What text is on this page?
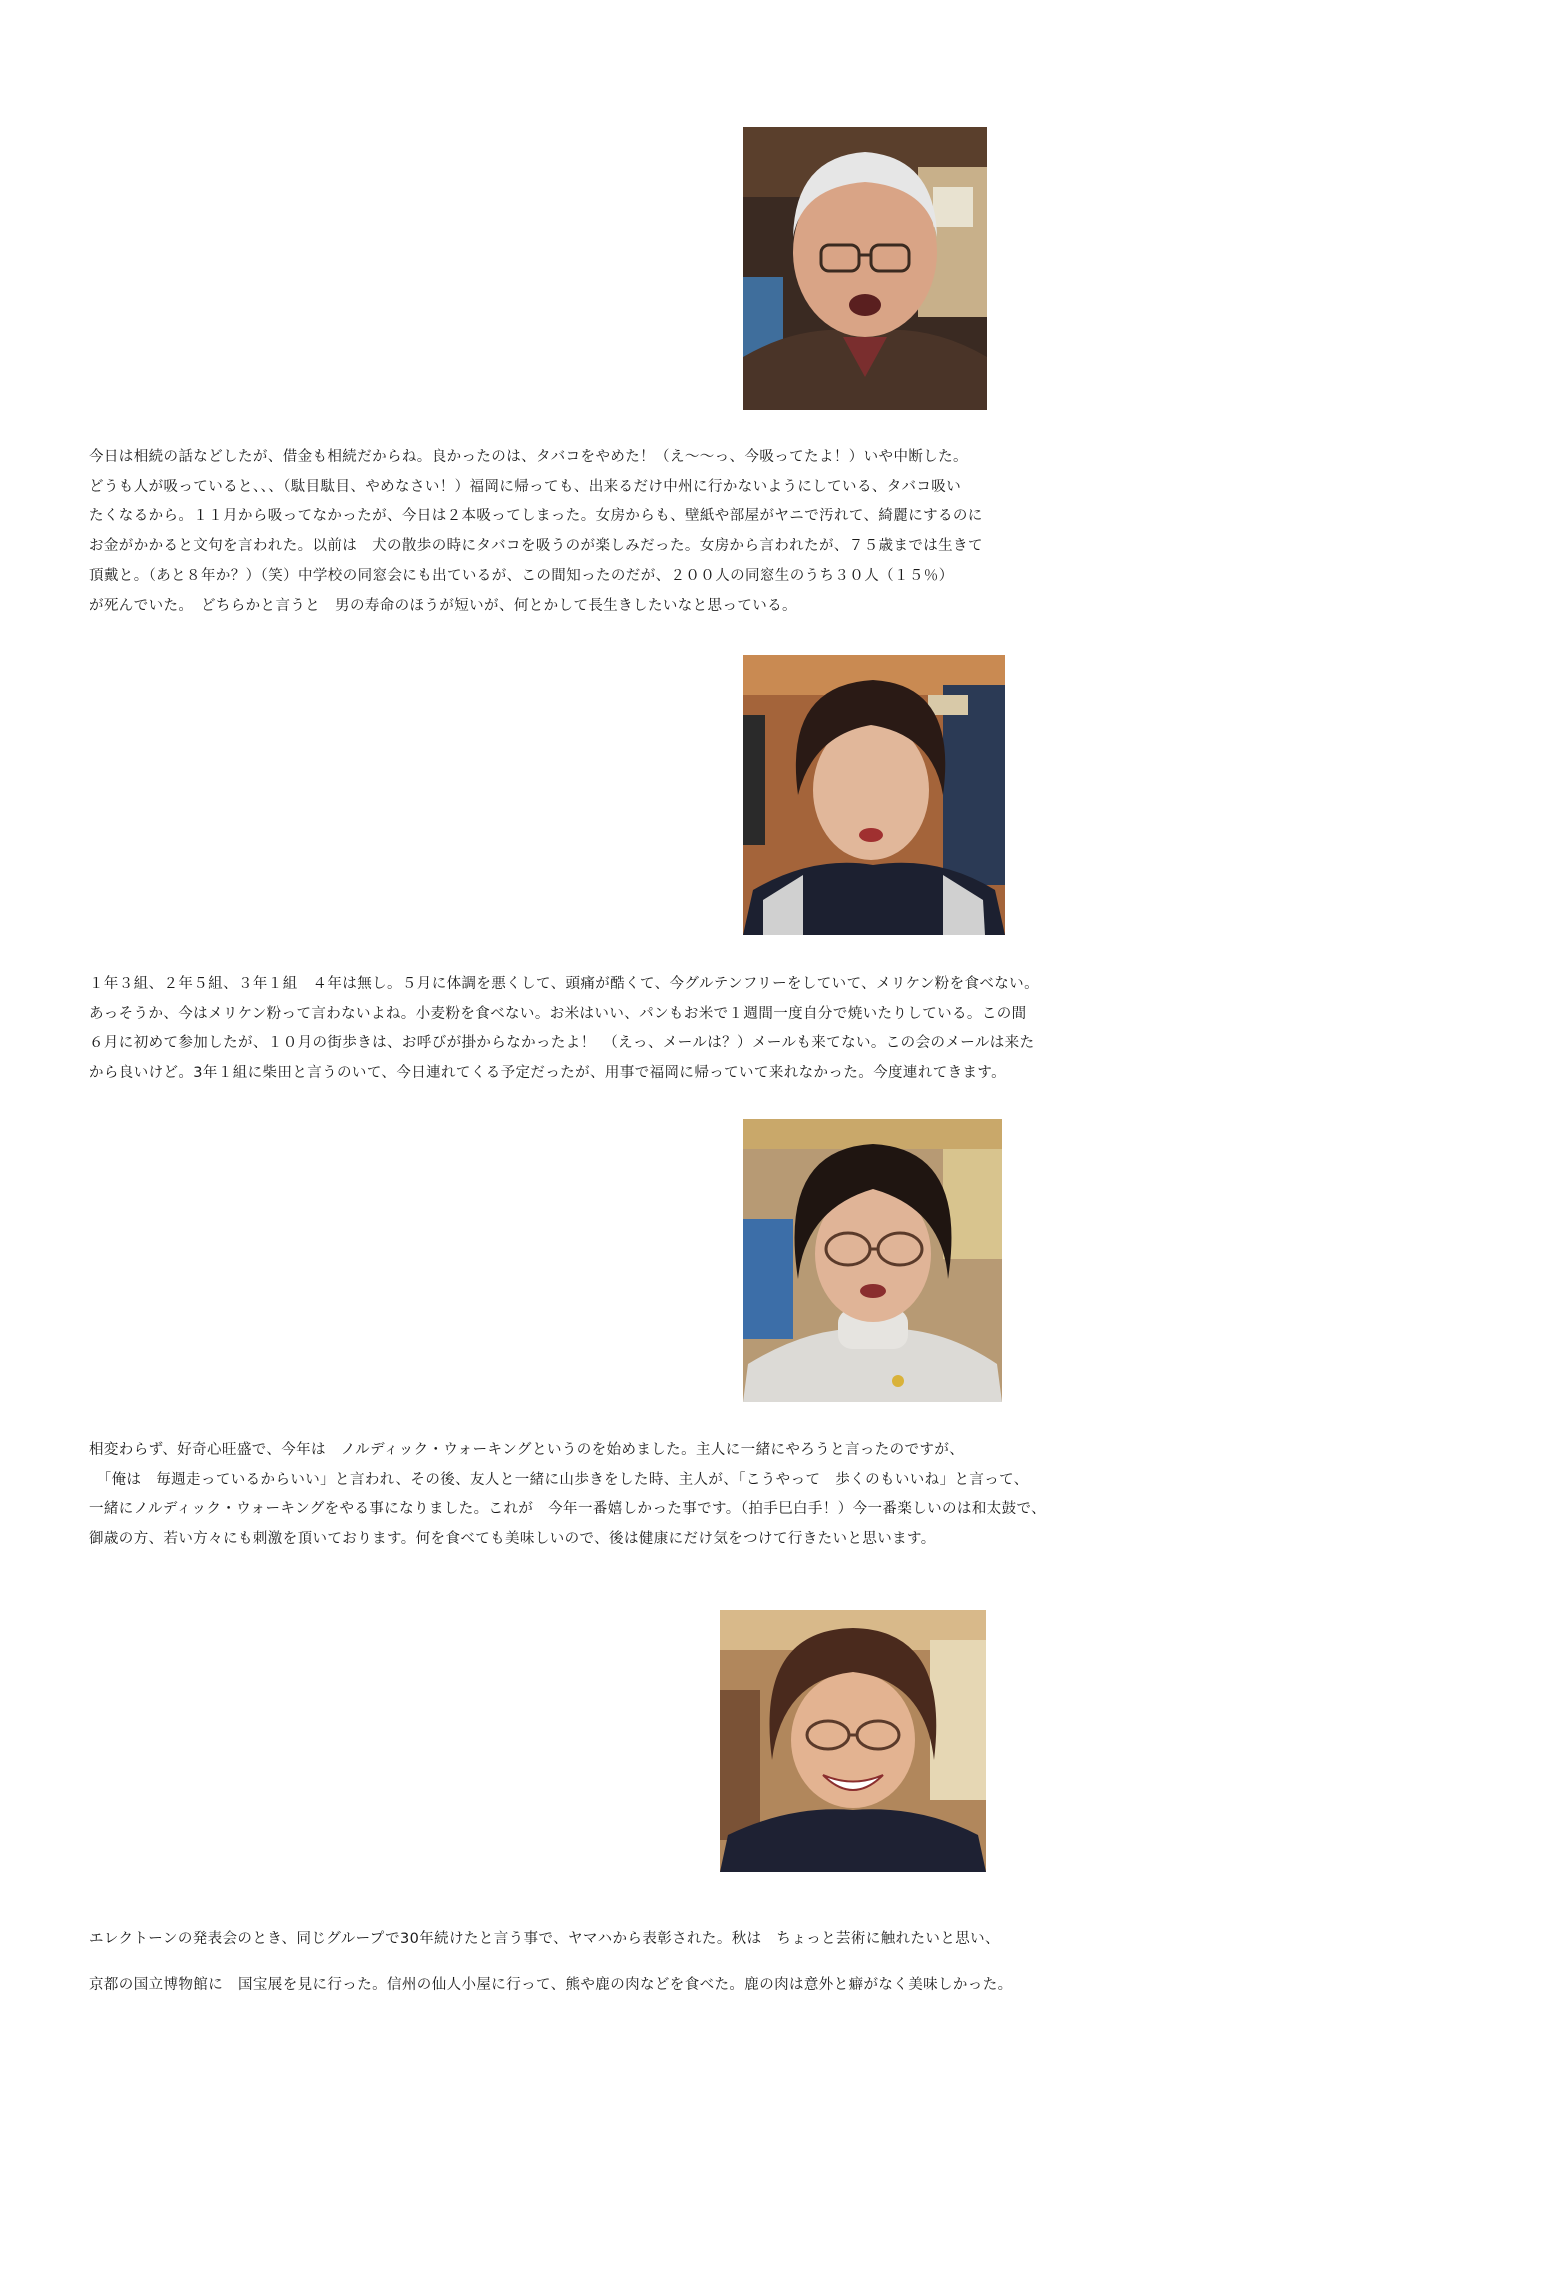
今日は相続の話などしたが、借金も相続だからね。良かったのは、タバコをやめた！（え〜〜っ、今吸ってたよ！）いや中断した。
どうも人が吸っていると、、、（駄目駄目、やめなさい！）福岡に帰っても、出来るだけ中州に行かないようにしている、タバコ吸い
たくなるから。１１月から吸ってなかったが、今日は２本吸ってしまった。女房からも、壁紙や部屋がヤニで汚れて、綺麗にするのに
お金がかかると文句を言われた。以前は　犬の散歩の時にタバコを吸うのが楽しみだった。女房から言われたが、７５歳までは生きて
頂戴と。（あと８年か？）（笑）中学校の同窓会にも出ているが、この間知ったのだが、２００人の同窓生のうち３０人（１５％）
が死んでいた。　どちらかと言うと　男の寿命のほうが短いが、何とかして長生きしたいなと思っている。
１年３組、２年５組、３年１組　４年は無し。５月に体調を悪くして、頭痛が酷くて、今グルテンフリーをしていて、メリケン粉を食べない。
あっそうか、今はメリケン粉って言わないよね。小麦粉を食べない。お米はいい、パンもお米で１週間一度自分で焼いたりしている。この間
６月に初めて参加したが、１０月の街歩きは、お呼びが掛からなかったよ！　（えっ、メールは？）メールも来てない。この会のメールは来た
から良いけど。3年１組に柴田と言うのいて、今日連れてくる予定だったが、用事で福岡に帰っていて来れなかった。今度連れてきます。
相変わらず、好奇心旺盛で、今年は　ノルディック・ウォーキングというのを始めました。主人に一緒にやろうと言ったのですが、
　「俺は　毎週走っているからいい」と言われ、その後、友人と一緒に山歩きをした時、主人が、「こうやって　歩くのもいいね」と言って、
一緒にノルディック・ウォーキングをやる事になりました。これが　今年一番嬉しかった事です。（拍手巳白手！）今一番楽しいのは和太鼓で、
御歳の方、若い方々にも刺激を頂いております。何を食べても美味しいので、後は健康にだけ気をつけて行きたいと思います。
エレクトーンの発表会のとき、同じグループで30年続けたと言う事で、ヤマハから表彰された。秋は　ちょっと芸術に触れたいと思い、
京都の国立博物館に　国宝展を見に行った。信州の仙人小屋に行って、熊や鹿の肉などを食べた。鹿の肉は意外と癖がなく美味しかった。
